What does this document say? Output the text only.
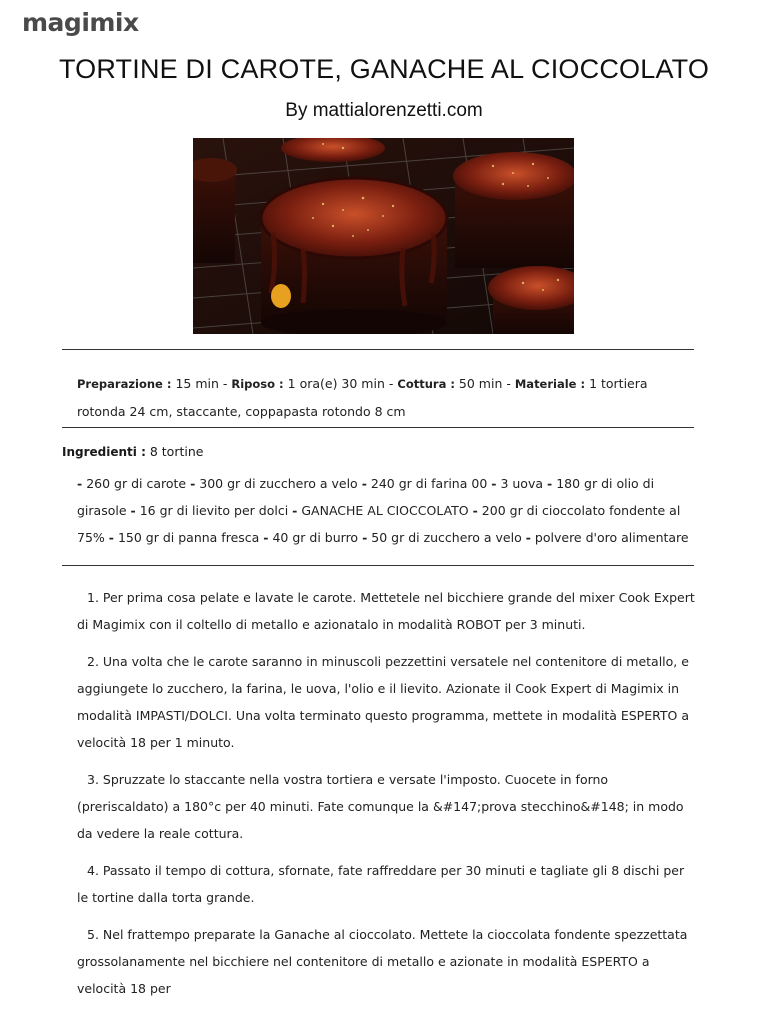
magimix
TORTINE DI CAROTE, GANACHE AL CIOCCOLATO
By mattialorenzetti.com
Preparazione : 15 min - Riposo : 1 ora(e) 30 min - Cottura : 50 min - Materiale : 1 tortiera rotonda 24 cm, staccante, coppapasta rotondo 8 cm
Ingredienti : 8 tortine
- 260 gr di carote - 300 gr di zucchero a velo - 240 gr di farina 00 - 3 uova - 180 gr di olio di girasole - 16 gr di lievito per dolci - GANACHE AL CIOCCOLATO - 200 gr di cioccolato fondente al 75% - 150 gr di panna fresca - 40 gr di burro - 50 gr di zucchero a velo - polvere d'oro alimentare
1. Per prima cosa pelate e lavate le carote. Mettetele nel bicchiere grande del mixer Cook Expert di Magimix con il coltello di metallo e azionatalo in modalità ROBOT per 3 minuti.
2. Una volta che le carote saranno in minuscoli pezzettini versatele nel contenitore di metallo, e aggiungete lo zucchero, la farina, le uova, l'olio e il lievito. Azionate il Cook Expert di Magimix in modalità IMPASTI/DOLCI. Una volta terminato questo programma, mettete in modalità ESPERTO a velocità 18 per 1 minuto.
3. Spruzzate lo staccante nella vostra tortiera e versate l'imposto. Cuocete in forno (preriscaldato) a 180°c per 40 minuti. Fate comunque la &#147;prova stecchino&#148; in modo da vedere la reale cottura.
4. Passato il tempo di cottura, sfornate, fate raffreddare per 30 minuti e tagliate gli 8 dischi per le tortine dalla torta grande.
5. Nel frattempo preparate la Ganache al cioccolato. Mettete la cioccolata fondente spezzettata grossolanamente nel bicchiere nel contenitore di metallo e azionate in modalità ESPERTO a velocità 18 per
